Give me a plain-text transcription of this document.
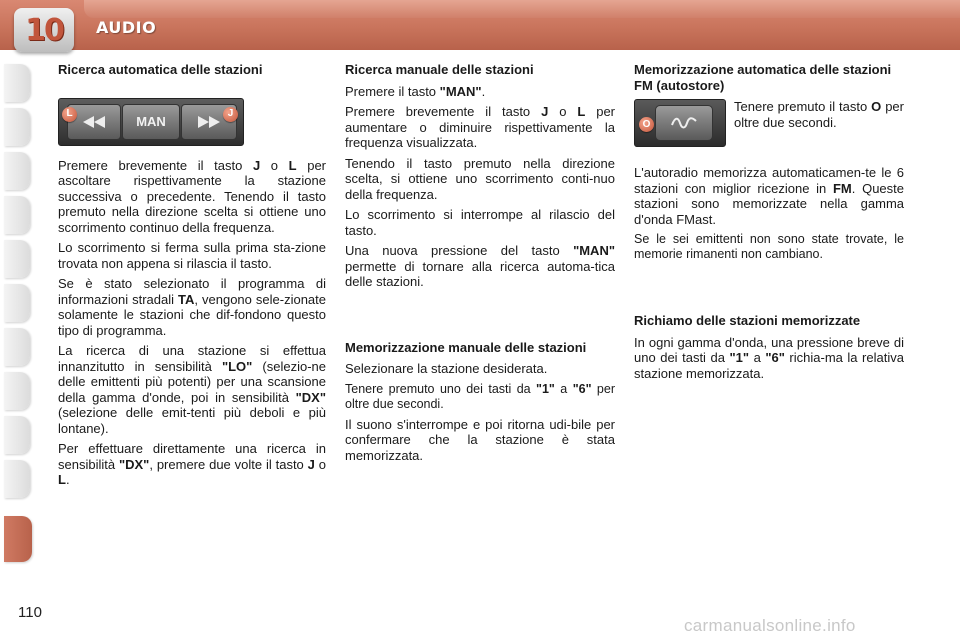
10 AUDIO
Ricerca automatica delle stazioni
MAN
L	J

Premere brevemente il tasto J o L per ascoltare rispettivamente la stazione successiva o precedente. Tenendo il tasto premuto nella direzione scelta si ottiene uno scorrimento continuo della frequenza.

Lo scorrimento si ferma sulla prima sta-zione trovata non appena si rilascia il tasto.

Se è stato selezionato il programma di informazioni stradali TA, vengono sele-zionate solamente le stazioni che dif-fondono questo tipo di programma.

La ricerca di una stazione si effettua innanzitutto in sensibilità "LO" (selezio-ne delle emittenti più potenti) per una scansione della gamma d'onde, poi in sensibilità "DX" (selezione delle emit-tenti più deboli e più lontane).

Per effettuare direttamente una ricerca in sensibilità "DX", premere due volte il tasto J o L.

Ricerca manuale delle stazioni

Premere il tasto "MAN".

Premere brevemente il tasto J o L per aumentare o diminuire rispettivamente la frequenza visualizzata.

Tenendo il tasto premuto nella direzione scelta, si ottiene uno scorrimento conti-nuo della frequenza.

Lo scorrimento si interrompe al rilascio del tasto.

Una nuova pressione del tasto "MAN" permette di tornare alla ricerca automa-tica delle stazioni.

Memorizzazione manuale delle stazioni

Selezionare la stazione desiderata.

Tenere premuto uno dei tasti da "1" a "6" per oltre due secondi.

Il suono s'interrompe e poi ritorna udi-bile per confermare che la stazione è stata memorizzata.

Memorizzazione automatica delle stazioni FM (autostore)
O
Tenere premuto il tasto O per oltre due secondi.

L'autoradio memorizza automaticamen-te le 6 stazioni con miglior ricezione in FM. Queste stazioni sono memorizzate nella gamma d'onda FMast.

Se le sei emittenti non sono state trovate, le memorie rimanenti non cambiano.

Richiamo delle stazioni memorizzate

In ogni gamma d'onda, una pressione breve di uno dei tasti da "1" a "6" richia-ma la relativa stazione memorizzata.

110
carmanualsonline.info
